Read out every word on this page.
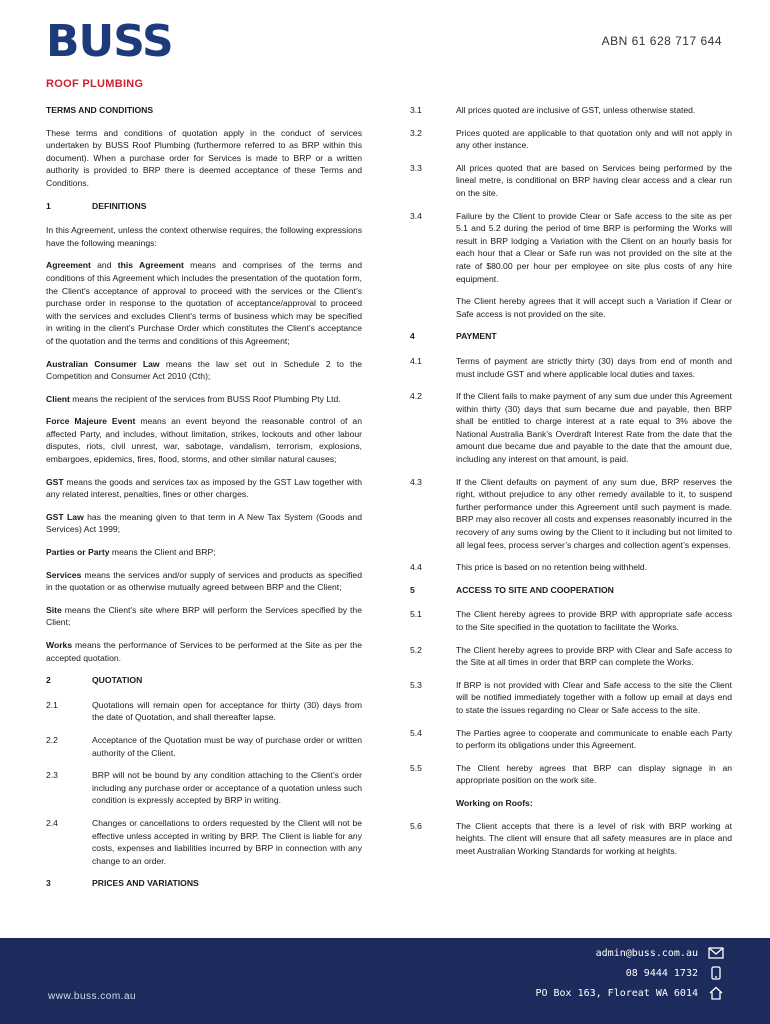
BUSS
ROOF PLUMBING
ABN 61 628 717 644
TERMS AND CONDITIONS

These terms and conditions of quotation apply in the conduct of services undertaken by BUSS Roof Plumbing (furthermore referred to as BRP within this document). When a purchase order for Services is made to BRP or a written authority is provided to BRP there is deemed acceptance of these Terms and Conditions.

1	DEFINITIONS

In this Agreement, unless the context otherwise requires, the following expressions have the following meanings:

Agreement and this Agreement means and comprises of the terms and conditions of this Agreement which includes the presentation of the quotation form, the Client’s acceptance of approval to proceed with the services or the Client’s purchase order in response to the quotation of acceptance/approval to proceed with the services and excludes Client’s terms of business which may be specified in writing in the client’s Purchase Order which constitutes the Client’s acceptance of the quotation and the terms and conditions of this Agreement;

Australian Consumer Law means the law set out in Schedule 2 to the Competition and Consumer Act 2010 (Cth);

Client means the recipient of the services from BUSS Roof Plumbing Pty Ltd.

Force Majeure Event means an event beyond the reasonable control of an affected Party, and includes, without limitation, strikes, lockouts and other labour disputes, riots, civil unrest, war, sabotage, vandalism, terrorism, explosions, embargoes, epidemics, fires, flood, storms, and other similar natural causes;

GST means the goods and services tax as imposed by the GST Law together with any related interest, penalties, fines or other charges.

GST Law has the meaning given to that term in A New Tax System (Goods and Services) Act 1999;

Parties or Party means the Client and BRP;

Services means the services and/or supply of services and products as specified in the quotation or as otherwise mutually agreed between BRP and the Client;

Site means the Client’s site where BRP will perform the Services specified by the Client;

Works means the performance of Services to be performed at the Site as per the accepted quotation.

2	QUOTATION
2.1	Quotations will remain open for acceptance for thirty (30) days from the date of Quotation, and shall thereafter lapse.
2.2	Acceptance of the Quotation must be way of purchase order or written authority of the Client.
2.3	BRP will not be bound by any condition attaching to the Client’s order including any purchase order or acceptance of a quotation unless such condition is expressly accepted by BRP in writing.
2.4	Changes or cancellations to orders requested by the Client will not be effective unless accepted in writing by BRP. The Client is liable for any costs, expenses and liabilities incurred by BRP in connection with any change to an order.
3	PRICES AND VARIATIONS
3.1	All prices quoted are inclusive of GST, unless otherwise stated.
3.2	Prices quoted are applicable to that quotation only and will not apply in any other instance.
3.3	All prices quoted that are based on Services being performed by the lineal metre, is conditional on BRP having clear access and a clear run on the site.
3.4	Failure by the Client to provide Clear or Safe access to the site as per 5.1 and 5.2 during the period of time BRP is performing the Works will result in BRP lodging a Variation with the Client on an hourly basis for each hour that a Clear or Safe run was not provided on the site at the rate of $80.00 per hour per employee on site plus costs of any hire equipment.

The Client hereby agrees that it will accept such a Variation if Clear or Safe access is not provided on the site.

4	PAYMENT
4.1	Terms of payment are strictly thirty (30) days from end of month and must include GST and where applicable local duties and taxes.
4.2	If the Client fails to make payment of any sum due under this Agreement within thirty (30) days that sum became due and payable, then BRP shall be entitled to charge interest at a rate equal to 3% above the National Australia Bank’s Overdraft Interest Rate from the date that the amount due became due and payable to the date that the amount due, including any interest on that amount, is paid.
4.3	If the Client defaults on payment of any sum due, BRP reserves the right, without prejudice to any other remedy available to it, to suspend further performance under this Agreement until such payment is made. BRP may also recover all costs and expenses reasonably incurred in the recovery of any sums owing by the Client to it including but not limited to all legal fees, process server’s charges and collection agent’s expenses.
4.4	This price is based on no retention being withheld.
5	ACCESS TO SITE AND COOPERATION
5.1	The Client hereby agrees to provide BRP with appropriate safe access to the Site specified in the quotation to facilitate the Works.
5.2	The Client hereby agrees to provide BRP with Clear and Safe access to the Site at all times in order that BRP can complete the Works.
5.3	If BRP is not provided with Clear and Safe access to the site the Client will be notified immediately together with a follow up email at days end to state the issues regarding no Clear or Safe access to the site.
5.4	The Parties agree to cooperate and communicate to enable each Party to perform its obligations under this Agreement.
5.5	The Client hereby agrees that BRP can display signage in an appropriate position on the work site.

Working on Roofs:

5.6	The Client accepts that there is a level of risk with BRP working at heights. The client will ensure that all safety measures are in place and meet Australian Working Standards for working at heights.
www.buss.com.au
admin@buss.com.au
08 9444 1732
PO Box 163, Floreat WA 6014
